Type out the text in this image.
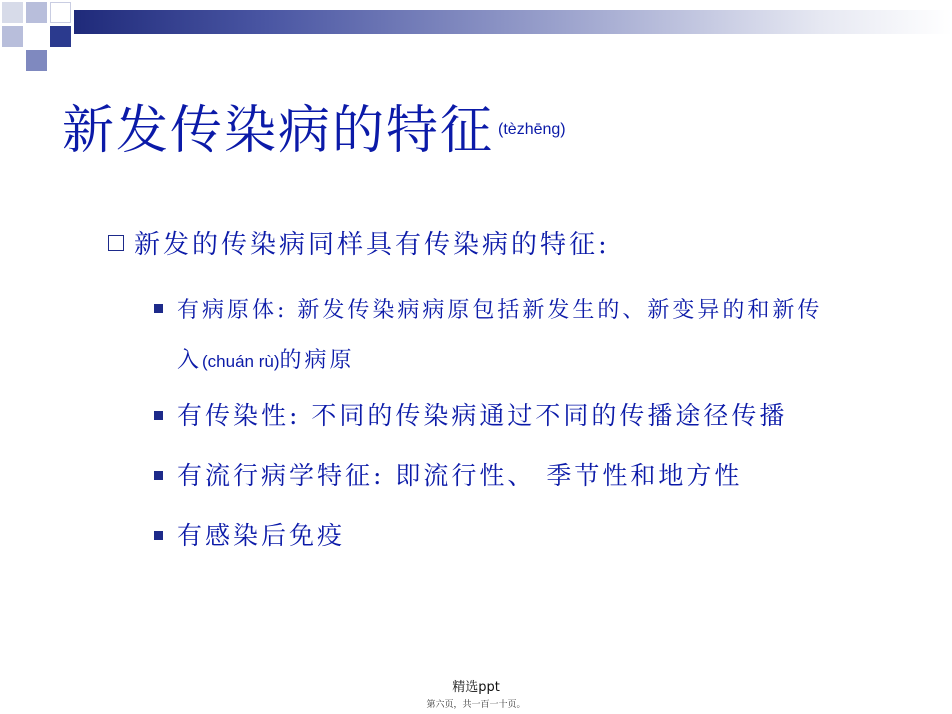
新发传染病的特征 (tèzhēng)
新发的传染病同样具有传染病的特征:
有病原体: 新发传染病病原包括新发生的、新变异的和新传
入(chuán rù)的病原
有传染性: 不同的传染病通过不同的传播途径传播
有流行病学特征: 即流行性、 季节性和地方性
有感染后免疫
精选ppt
第六页，共一百一十页。
